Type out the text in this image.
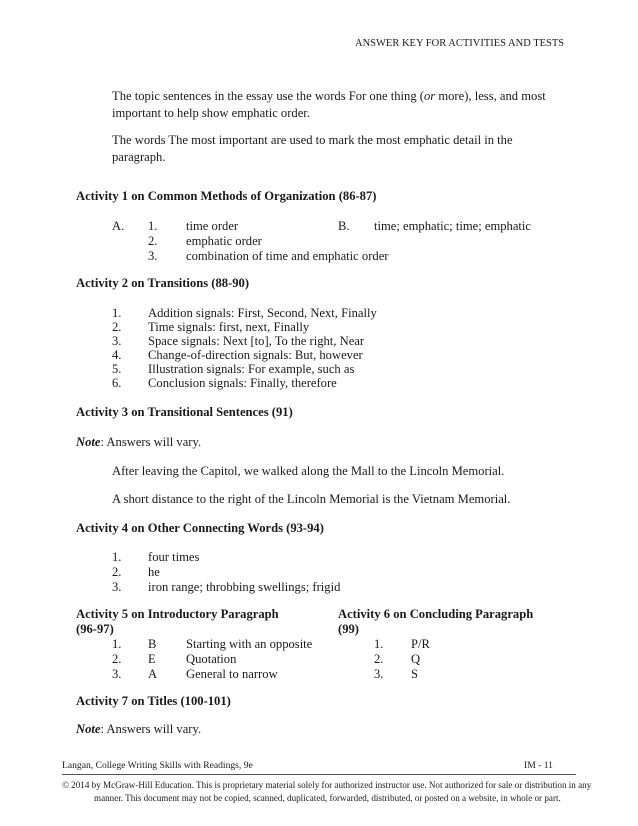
ANSWER KEY FOR ACTIVITIES AND TESTS
The topic sentences in the essay use the words For one thing (or more), less, and most
important to help show emphatic order.
The words The most important are used to mark the most emphatic detail in the
paragraph.
Activity 1 on Common Methods of Organization (86-87)
A. 1. time order
2. emphatic order
3. combination of time and emphatic order
B. time; emphatic; time; emphatic
Activity 2 on Transitions (88-90)
1. Addition signals: First, Second, Next, Finally
2. Time signals: first, next, Finally
3. Space signals: Next [to], To the right, Near
4. Change-of-direction signals: But, however
5. Illustration signals: For example, such as
6. Conclusion signals: Finally, therefore
Activity 3 on Transitional Sentences (91)
Note: Answers will vary.
After leaving the Capitol, we walked along the Mall to the Lincoln Memorial.
A short distance to the right of the Lincoln Memorial is the Vietnam Memorial.
Activity 4 on Other Connecting Words (93-94)
1. four times
2. he
3. iron range; throbbing swellings; frigid
Activity 5 on Introductory Paragraph
(96-97)
1. B Starting with an opposite
2. E Quotation
3. A General to narrow
Activity 6 on Concluding Paragraph
(99)
1. P/R
2. Q
3. S
Activity 7 on Titles (100-101)
Note: Answers will vary.
Langan, College Writing Skills with Readings, 9e	IM - 11
© 2014 by McGraw-Hill Education. This is proprietary material solely for authorized instructor use. Not authorized for sale or distribution in any
manner. This document may not be copied, scanned, duplicated, forwarded, distributed, or posted on a website, in whole or part.
